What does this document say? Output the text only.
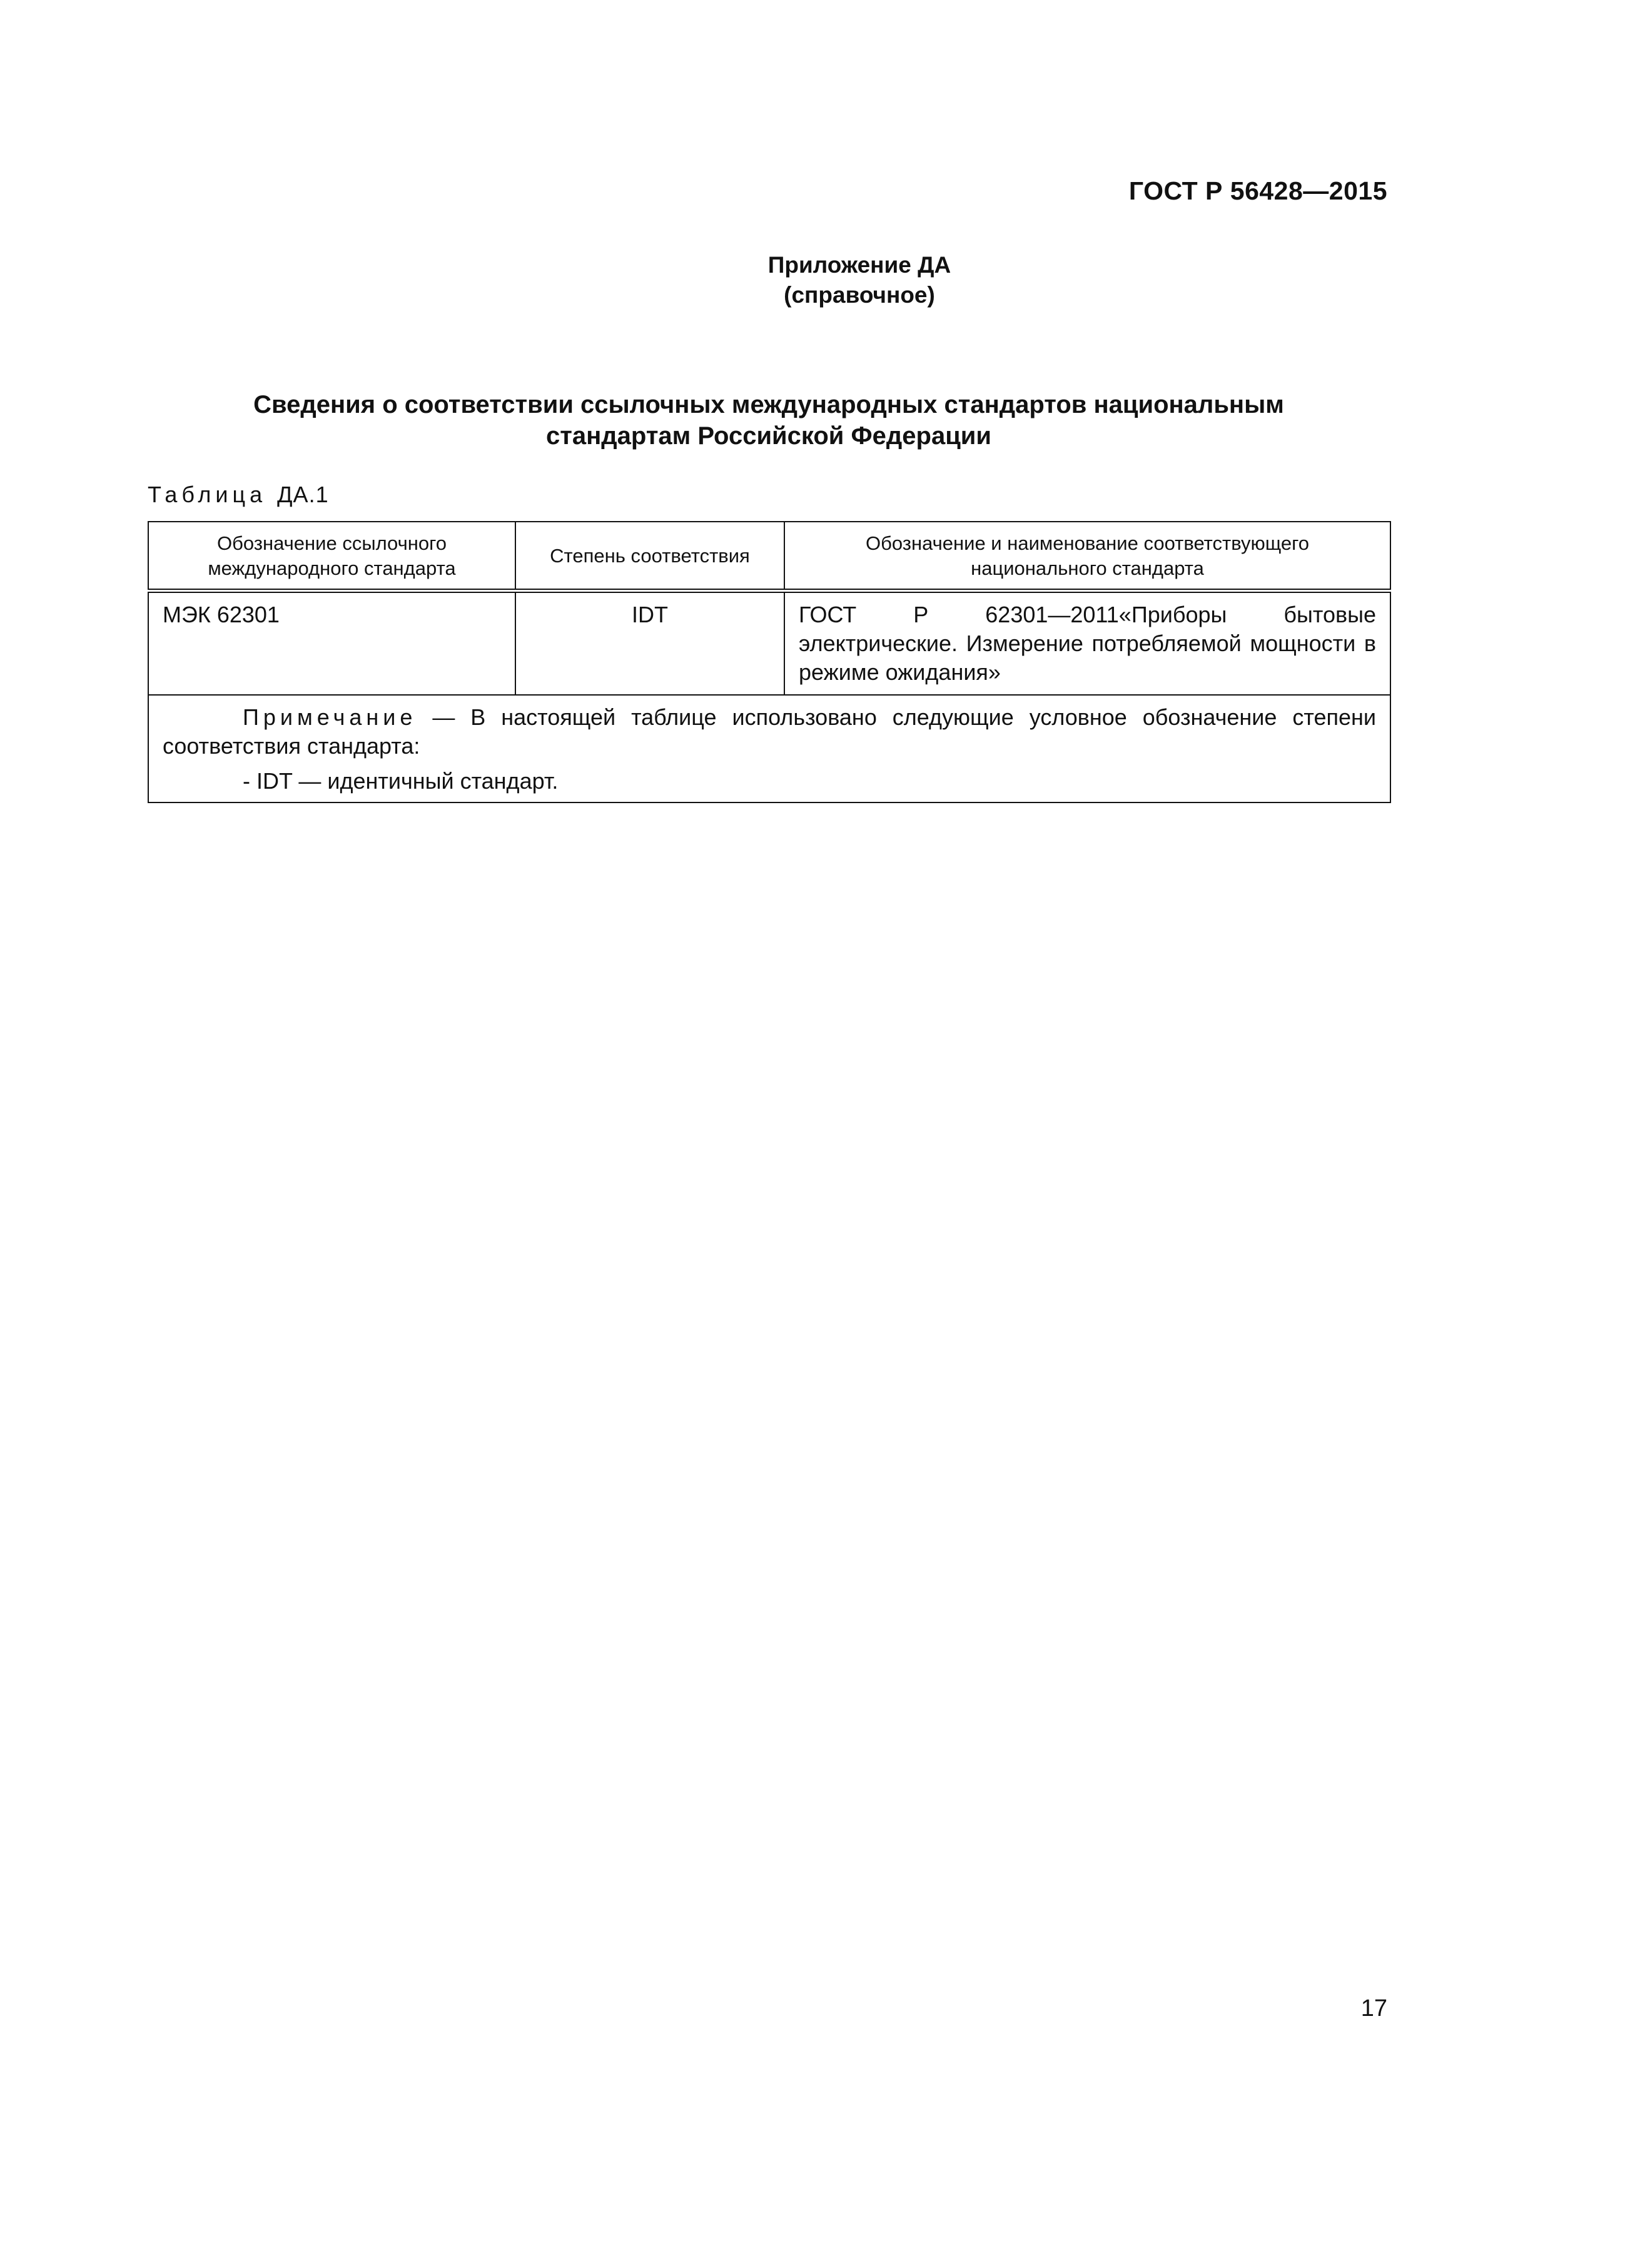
ГОСТ Р 56428—2015
Приложение ДА
(справочное)
Сведения о соответствии ссылочных международных стандартов национальным
стандартам Российской Федерации
Таблица ДА.1
Обозначение ссылочного международного стандарта	Степень соответствия	Обозначение и наименование соответствующего национального стандарта
МЭК 62301	IDT	ГОСТ Р 62301—2011«Приборы бытовые электрические. Измерение потребляемой мощности в режиме ожидания»

Примечание — В настоящей таблице использовано следующие условное обозначение степени соответствия стандарта:

- IDT — идентичный стандарт.		

17
